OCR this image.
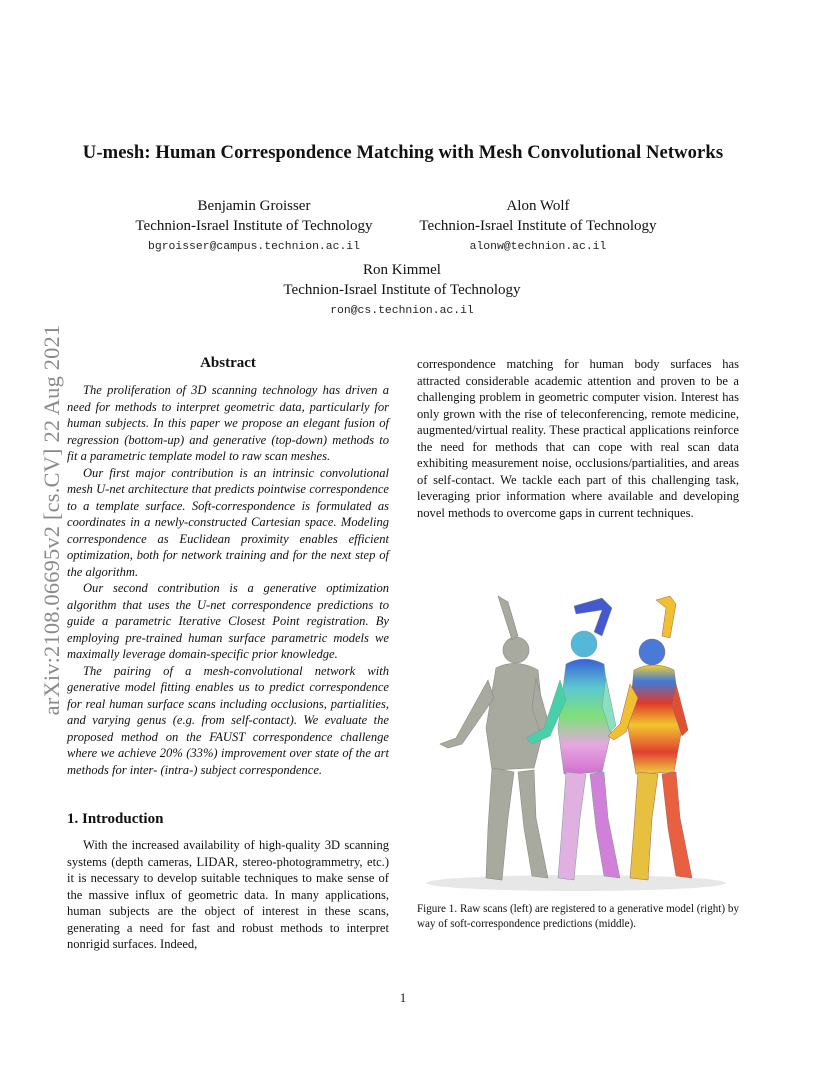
U-mesh: Human Correspondence Matching with Mesh Convolutional Networks
Benjamin Groisser
Technion-Israel Institute of Technology
bgroisser@campus.technion.ac.il
Alon Wolf
Technion-Israel Institute of Technology
alonw@technion.ac.il
Ron Kimmel
Technion-Israel Institute of Technology
ron@cs.technion.ac.il
arXiv:2108.06695v2 [cs.CV] 22 Aug 2021	Abstract

The proliferation of 3D scanning technology has driven a need for methods to interpret geometric data, particularly for human subjects. In this paper we propose an elegant fusion of regression (bottom-up) and generative (top-down) methods to fit a parametric template model to raw scan meshes.

Our first major contribution is an intrinsic convolutional mesh U-net architecture that predicts pointwise correspondence to a template surface. Soft-correspondence is formulated as coordinates in a newly-constructed Cartesian space. Modeling correspondence as Euclidean proximity enables efficient optimization, both for network training and for the next step of the algorithm.

Our second contribution is a generative optimization algorithm that uses the U-net correspondence predictions to guide a parametric Iterative Closest Point registration. By employing pre-trained human surface parametric models we maximally leverage domain-specific prior knowledge.

The pairing of a mesh-convolutional network with generative model fitting enables us to predict correspondence for real human surface scans including occlusions, partialities, and varying genus (e.g. from self-contact). We evaluate the proposed method on the FAUST correspondence challenge where we achieve 20% (33%) improvement over state of the art methods for inter- (intra-) subject correspondence.

1. Introduction

With the increased availability of high-quality 3D scanning systems (depth cameras, LIDAR, stereo-photogrammetry, etc.) it is necessary to develop suitable techniques to make sense of the massive influx of geometric data. In many applications, human subjects are the object of interest in these scans, generating a need for fast and robust methods to interpret nonrigid surfaces. Indeed,

correspondence matching for human body surfaces has attracted considerable academic attention and proven to be a challenging problem in geometric computer vision. Interest has only grown with the rise of teleconferencing, remote medicine, augmented/virtual reality. These practical applications reinforce the need for methods that can cope with real scan data exhibiting measurement noise, occlusions/partialities, and areas of self-contact. We tackle each part of this challenging task, leveraging prior information where available and developing novel methods to overcome gaps in current techniques.

Figure 1. Raw scans (left) are registered to a generative model (right) by way of soft-correspondence predictions (middle).
1
